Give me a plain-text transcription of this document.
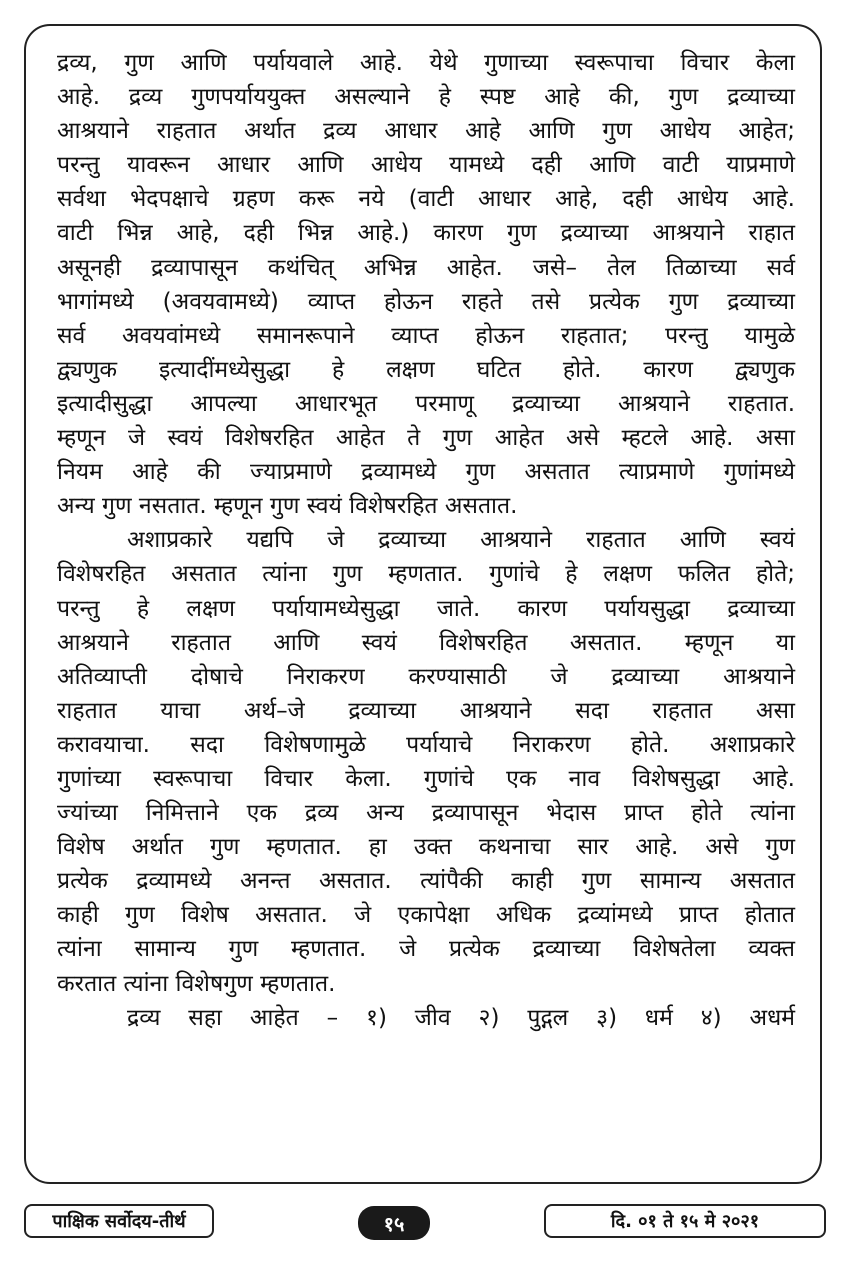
द्रव्य, गुण आणि पर्यायवाले आहे. येथे गुणाच्या स्वरूपाचा विचार केला
आहे. द्रव्य गुणपर्याययुक्त असल्याने हे स्पष्ट आहे की, गुण द्रव्याच्या
आश्रयाने राहतात अर्थात द्रव्य आधार आहे आणि गुण आधेय आहेत;
परन्तु यावरून आधार आणि आधेय यामध्ये दही आणि वाटी याप्रमाणे
सर्वथा भेदपक्षाचे ग्रहण करू नये (वाटी आधार आहे, दही आधेय आहे.
वाटी भिन्न आहे, दही भिन्न आहे.) कारण गुण द्रव्याच्या आश्रयाने राहात
असूनही द्रव्यापासून कथंचित् अभिन्न आहेत. जसे– तेल तिळाच्या सर्व
भागांमध्ये (अवयवामध्ये) व्याप्त होऊन राहते तसे प्रत्येक गुण द्रव्याच्या
सर्व अवयवांमध्ये समानरूपाने व्याप्त होऊन राहतात; परन्तु यामुळे
द्व्यणुक इत्यादींमध्येसुद्धा हे लक्षण घटित होते. कारण द्व्यणुक
इत्यादीसुद्धा आपल्या आधारभूत परमाणू द्रव्याच्या आश्रयाने राहतात.
म्हणून जे स्वयं विशेषरहित आहेत ते गुण आहेत असे म्हटले आहे. असा
नियम आहे की ज्याप्रमाणे द्रव्यामध्ये गुण असतात त्याप्रमाणे गुणांमध्ये
अन्य गुण नसतात. म्हणून गुण स्वयं विशेषरहित असतात.
अशाप्रकारे यद्यपि जे द्रव्याच्या आश्रयाने राहतात आणि स्वयं
विशेषरहित असतात त्यांना गुण म्हणतात. गुणांचे हे लक्षण फलित होते;
परन्तु हे लक्षण पर्यायामध्येसुद्धा जाते. कारण पर्यायसुद्धा द्रव्याच्या
आश्रयाने राहतात आणि स्वयं विशेषरहित असतात. म्हणून या
अतिव्याप्ती दोषाचे निराकरण करण्यासाठी जे द्रव्याच्या आश्रयाने
राहतात याचा अर्थ–जे द्रव्याच्या आश्रयाने सदा राहतात असा
करावयाचा. सदा विशेषणामुळे पर्यायाचे निराकरण होते. अशाप्रकारे
गुणांच्या स्वरूपाचा विचार केला. गुणांचे एक नाव विशेषसुद्धा आहे.
ज्यांच्या निमित्ताने एक द्रव्य अन्य द्रव्यापासून भेदास प्राप्त होते त्यांना
विशेष अर्थात गुण म्हणतात. हा उक्त कथनाचा सार आहे. असे गुण
प्रत्येक द्रव्यामध्ये अनन्त असतात. त्यांपैकी काही गुण सामान्य असतात
काही गुण विशेष असतात. जे एकापेक्षा अधिक द्रव्यांमध्ये प्राप्त होतात
त्यांना सामान्य गुण म्हणतात. जे प्रत्येक द्रव्याच्या विशेषतेला व्यक्त
करतात त्यांना विशेषगुण म्हणतात.
द्रव्य सहा आहेत – १) जीव २) पुद्गल ३) धर्म ४) अधर्म
पाक्षिक सर्वोदय-तीर्थ	१५	दि. ०१ ते १५ मे २०२१
